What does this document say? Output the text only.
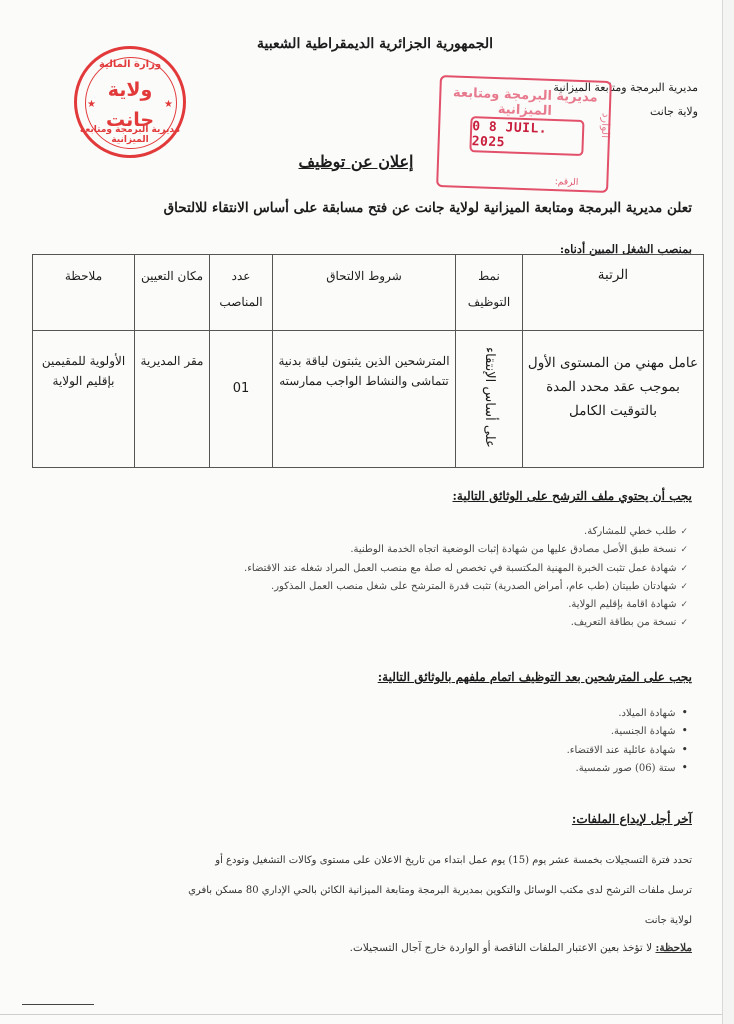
الجمهورية الجزائرية الديمقراطية الشعبية
مديرية البرمجة ومتابعة الميزانية
ولاية جانت
وزارة المالية
ولاية
جانت
★	★
مديرية البرمجة ومتابعة الميزانية
مديرية البرمجة ومتابعة الميزانية
0 8 JUIL. 2025
الوارد
الرقم:
إعلان عن توظيف
تعلن مديرية البرمجة ومتابعة الميزانية لولاية جانت عن فتح مسابقة على أساس الانتقاء للالتحاق
بمنصب الشغل المبين أدناه:
الرتبة	نمط التوظيف	شروط الالتحاق	عدد المناصب	مكان التعيين	ملاحظة
عامل مهني من المستوى الأول بموجب عقد محدد المدة بالتوقيت الكامل	على أساس الإنتقاء	المترشحين الذين يثبتون لياقة بدنية تتماشى والنشاط الواجب ممارسته	01	مقر المديرية	الأولوية للمقيمين بإقليم الولاية
يجب أن يحتوي ملف الترشح على الوثائق التالية:
✓ طلب خطي للمشاركة.
✓ نسخة طبق الأصل مصادق عليها من شهادة إثبات الوضعية اتجاه الخدمة الوطنية.
✓ شهادة عمل تثبت الخبرة المهنية المكتسبة في تخصص له صلة مع منصب العمل المراد شغله عند الاقتضاء.
✓ شهادتان طبيتان (طب عام، أمراض الصدرية) تثبت قدرة المترشح على شغل منصب العمل المذكور.
✓ شهادة اقامة بإقليم الولاية.
✓ نسخة من بطاقة التعريف.
يجب على المترشحين بعد التوظيف اتمام ملفهم بالوثائق التالية:
• شهادة الميلاد.
• شهادة الجنسية.
• شهادة عائلية عند الاقتضاء.
• ستة (06) صور شمسية.
آخر أجل لإيداع الملفات:
تحدد فترة التسجيلات بخمسة عشر يوم (15) يوم عمل ابتداء من تاريخ الاعلان على مستوى وكالات التشغيل وتودع أو
ترسل ملفات الترشح لدى مكتب الوسائل والتكوين بمديرية البرمجة ومتابعة الميزانية الكائن بالحي الإداري 80 مسكن بافري
لولاية جانت
ملاحظة: لا تؤخذ بعين الاعتبار الملفات الناقصة أو الواردة خارج آجال التسجيلات.
